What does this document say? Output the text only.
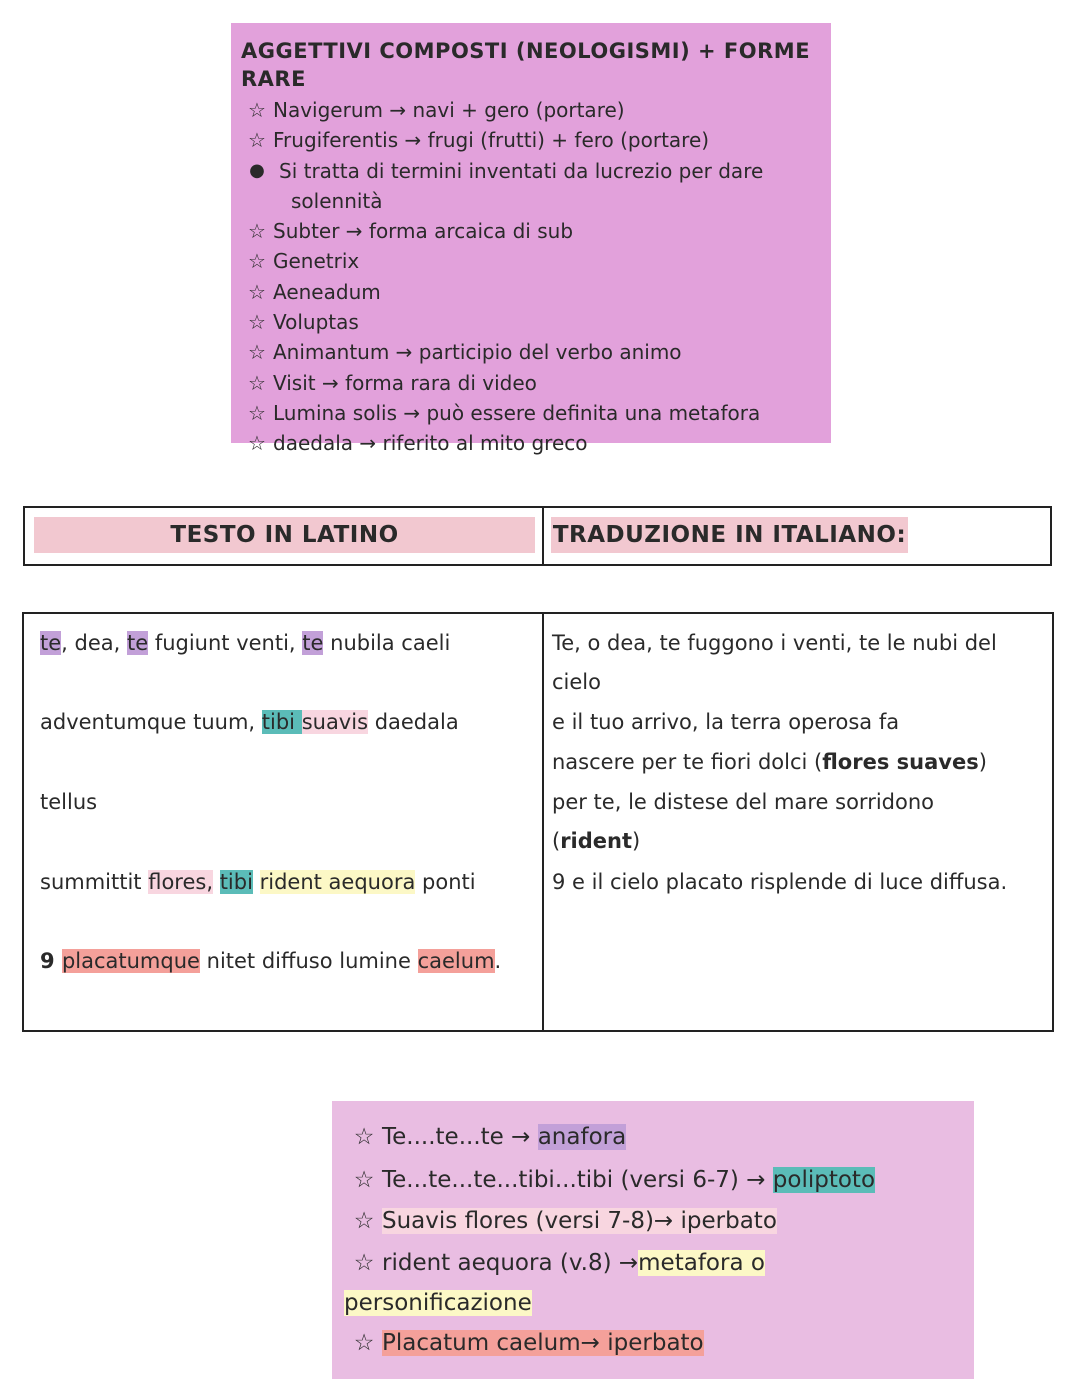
AGGETTIVI COMPOSTI (NEOLOGISMI) + FORME RARE
☆ Navigerum → navi + gero (portare)
☆ Frugiferentis → frugi (frutti) + fero (portare)
● Si tratta di termini inventati da lucrezio per dare
solennità
☆ Subter → forma arcaica di sub
☆ Genetrix
☆ Aeneadum
☆ Voluptas
☆ Animantum → participio del verbo animo
☆ Visit → forma rara di video
☆ Lumina solis → può essere definita una metafora
☆ daedala → riferito al mito greco
TESTO IN LATINO	TRADUZIONE IN ITALIANO:
te, dea, te fugiunt venti, te nubila caeli
adventumque tuum, tibi suavis daedala
tellus
summittit flores, tibi rident aequora ponti
9 placatumque nitet diffuso lumine caelum.
Te, o dea, te fuggono i venti, te le nubi del
cielo
e il tuo arrivo, la terra operosa fa
nascere per te fiori dolci (flores suaves)
per te, le distese del mare sorridono
(rident)
9 e il cielo placato risplende di luce diffusa.
☆ Te....te...te → anafora
☆ Te...te...te...tibi...tibi (versi 6-7) → poliptoto
☆ Suavis flores (versi 7-8)→ iperbato
☆ rident aequora (v.8) →metafora o
personificazione
☆ Placatum caelum→ iperbato
